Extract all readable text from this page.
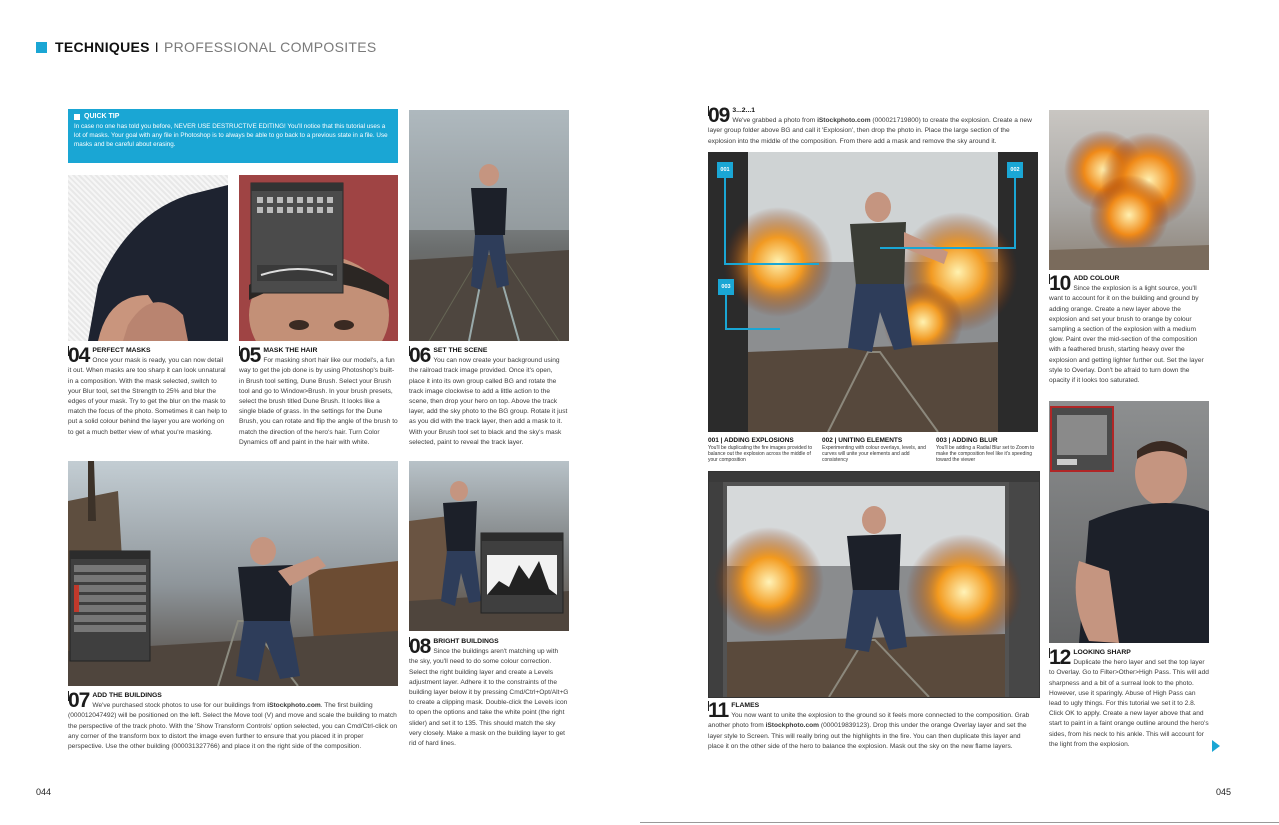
TECHNIQUES I PROFESSIONAL COMPOSITES
QUICK TIP
In case no one has told you before, NEVER USE DESTRUCTIVE EDITING! You'll notice that this tutorial uses a lot of masks. Your goal with any file in Photoshop is to always be able to go back to a previous state in a file. Use masks and be careful about erasing.
04 PERFECT MASKS
Once your mask is ready, you can now detail it out. When masks are too sharp it can look unnatural in a composition. With the mask selected, switch to your Blur tool, set the Strength to 25% and blur the edges of your mask. Try to get the blur on the mask to match the focus of the photo. Sometimes it can help to put a solid colour behind the layer you are working on to get a much better view of what you're masking.
05 MASK THE HAIR
For masking short hair like our model's, a fun way to get the job done is by using Photoshop's built-in Brush tool setting, Dune Brush. Select your Brush tool and go to Window>Brush. In your brush presets, select the brush titled Dune Brush. It looks like a single blade of grass. In the settings for the Dune Brush, you can rotate and flip the angle of the brush to match the direction of the hero's hair. Turn Color Dynamics off and paint in the hair with white.
06 SET THE SCENE
You can now create your background using the railroad track image provided. Once it's open, place it into its own group called BG and rotate the track image clockwise to add a little action to the scene, then drop your hero on top. Above the track layer, add the sky photo to the BG group. Rotate it just as you did with the track layer, then add a mask to it. With your Brush tool set to black and the sky's mask selected, paint to reveal the track layer.
07 ADD THE BUILDINGS
We've purchased stock photos to use for our buildings from iStockphoto.com. The first building (000012047492) will be positioned on the left. Select the Move tool (V) and move and scale the building to match the perspective of the track photo. With the 'Show Transform Controls' option selected, you can Cmd/Ctrl-click on any corner of the transform box to distort the image even further to ensure that you placed it in proper perspective. Use the other building (000031327766) and place it on the right side of the composition.
08 BRIGHT BUILDINGS
Since the buildings aren't matching up with the sky, you'll need to do some colour correction. Select the right building layer and create a Levels adjustment layer. Adhere it to the constraints of the building layer below it by pressing Cmd/Ctrl+Opt/Alt+G to create a clipping mask. Double-click the Levels icon to open the options and take the white point (the right slider) and set it to 135. This should match the sky very closely. Make a mask on the building layer to get rid of hard lines.
044
09 3...2...1
We've grabbed a photo from iStockphoto.com (000021719800) to create the explosion. Create a new layer group folder above BG and call it 'Explosion', then drop the photo in. Place the large section of the explosion into the middle of the composition. From there add a mask and remove the sky around it.
001	002
003
001 | ADDING EXPLOSIONS
You'll be duplicating the fire images provided to balance out the explosion across the middle of your composition
002 | UNITING ELEMENTS
Experimenting with colour overlays, levels, and curves will unite your elements and add consistency
003 | ADDING BLUR
You'll be adding a Radial Blur set to Zoom to make the composition feel like it's speeding toward the viewer
11 FLAMES
You now want to unite the explosion to the ground so it feels more connected to the composition. Grab another photo from iStockphoto.com (000019839123). Drop this under the orange Overlay layer and set the layer style to Screen. This will really bring out the highlights in the fire. You can then duplicate this layer and place it on the other side of the hero to balance the explosion. Mask out the sky on the new flame layers.
10 ADD COLOUR
Since the explosion is a light source, you'll want to account for it on the building and ground by adding orange. Create a new layer above the explosion and set your brush to orange by colour sampling a section of the explosion with a medium glow. Paint over the mid-section of the composition with a feathered brush, starting heavy over the explosion and getting lighter further out. Set the layer style to Overlay. Don't be afraid to turn down the opacity if it looks too saturated.
12 LOOKING SHARP
Duplicate the hero layer and set the top layer to Overlay. Go to Filter>Other>High Pass. This will add sharpness and a bit of a surreal look to the photo. However, use it sparingly. Abuse of High Pass can lead to ugly things. For this tutorial we set it to 2.8. Click OK to apply. Create a new layer above that and start to paint in a faint orange outline around the hero's sides, from his neck to his ankle. This will account for the light from the explosion.
045
